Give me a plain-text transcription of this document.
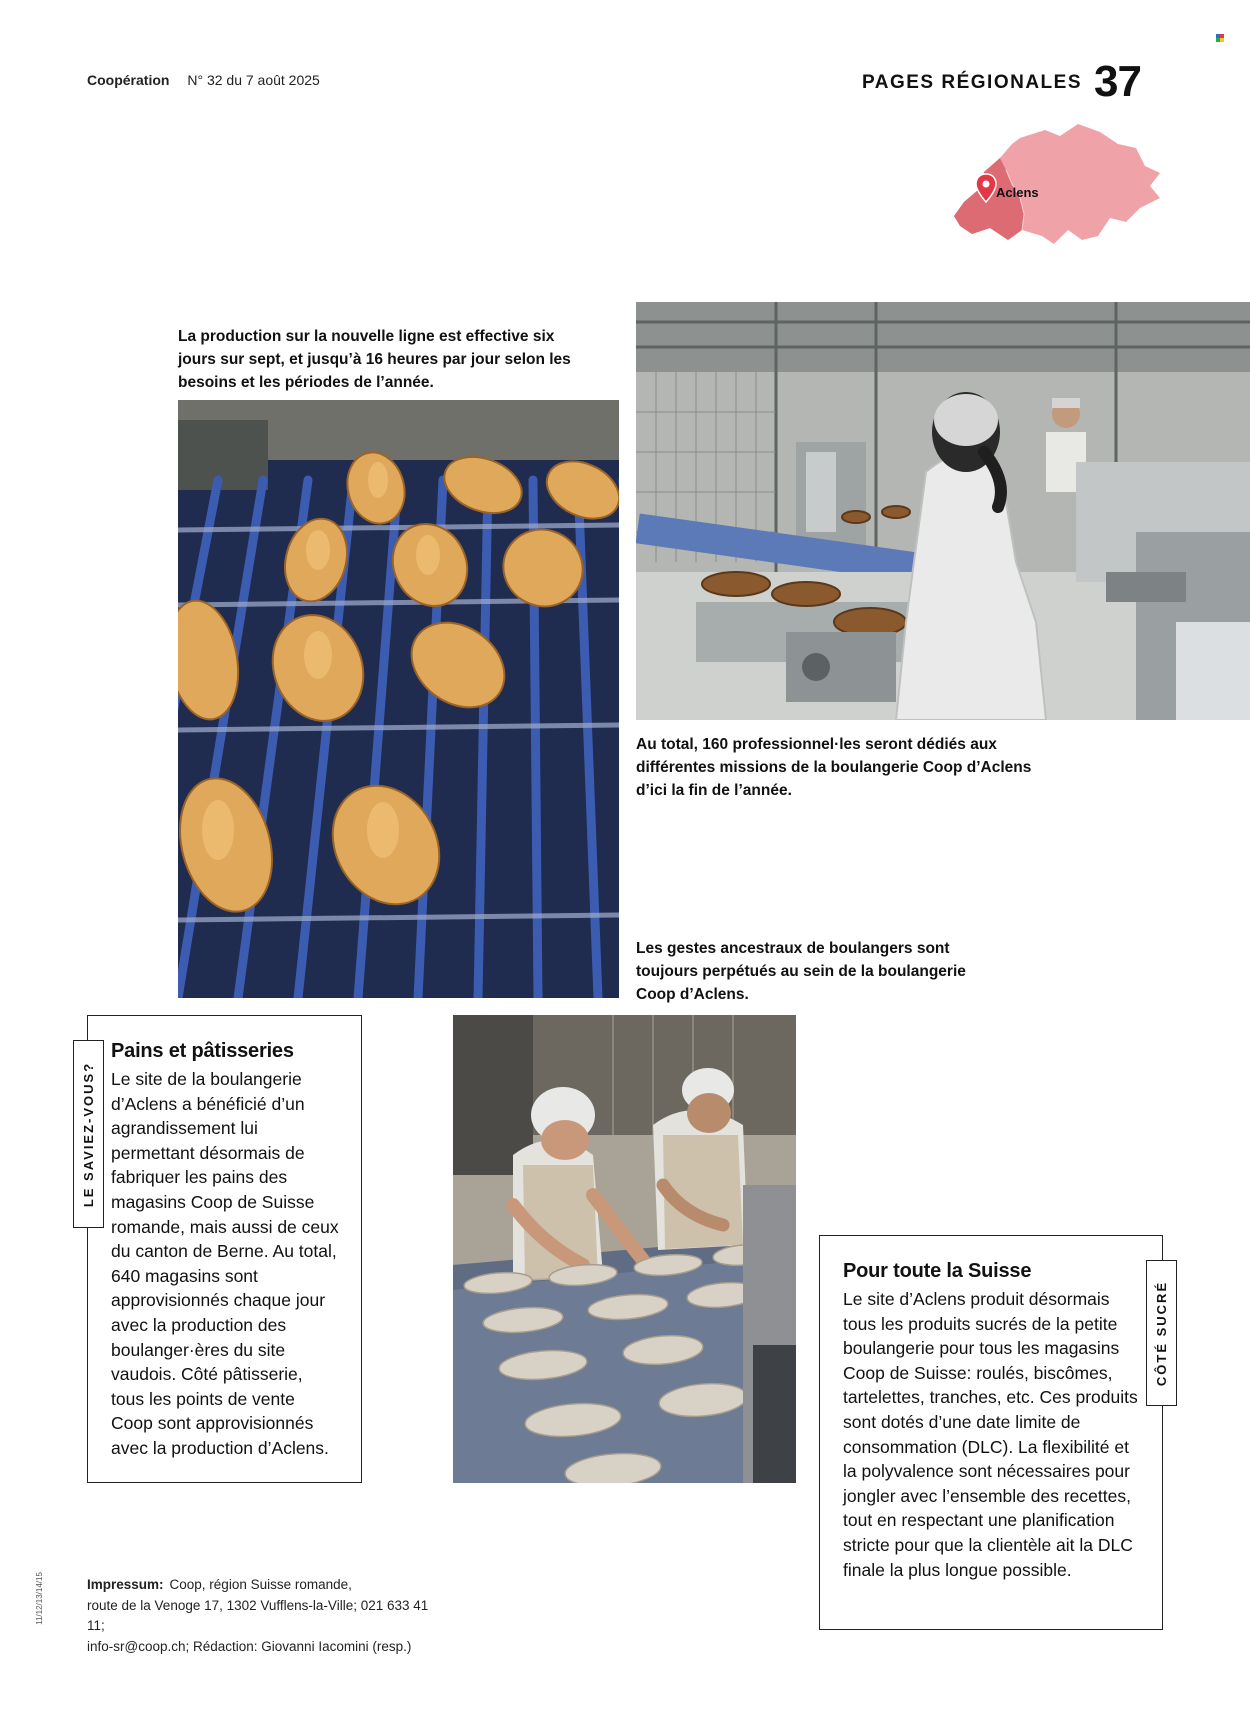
Coopération N° 32 du 7 août 2025	PAGES RÉGIONALES 37
Aclens
La production sur la nouvelle ligne est effective six jours sur sept, et jusqu’à 16 heures par jour selon les besoins et les périodes de l’année.
Au total, 160 professionnel·les seront dédiés aux différentes missions de la boulangerie Coop d’Aclens d’ici la fin de l’année.
Les gestes ancestraux de boulangers sont toujours perpétués au sein de la boulangerie Coop d’Aclens.
Pains et pâtisseries

Le site de la boulangerie d’Aclens a bénéficié d’un agrandissement lui permettant désormais de fabriquer les pains des magasins Coop de Suisse romande, mais aussi de ceux du canton de Berne. Au total, 640 magasins sont approvisionnés chaque jour avec la production des boulanger·ères du site vaudois. Côté pâtisserie, tous les points de vente Coop sont approvisionnés avec la production d’Aclens.

LE SAVIEZ-VOUS?
Pour toute la Suisse

Le site d’Aclens produit désormais tous les produits sucrés de la petite boulangerie pour tous les magasins Coop de Suisse: roulés, biscômes, tartelettes, tranches, etc. Ces produits sont dotés d’une date limite de consommation (DLC). La flexibilité et la polyvalence sont nécessaires pour jongler avec l’ensemble des recettes, tout en respectant une planification stricte pour que la clientèle ait la DLC finale la plus longue possible.

CÔTÉ SUCRÉ
Impressum: Coop, région Suisse romande,
route de la Venoge 17, 1302 Vufflens-la-Ville; 021 633 41 11;
info-sr@coop.ch; Rédaction: Giovanni Iacomini (resp.)
11/12/13/14/15
